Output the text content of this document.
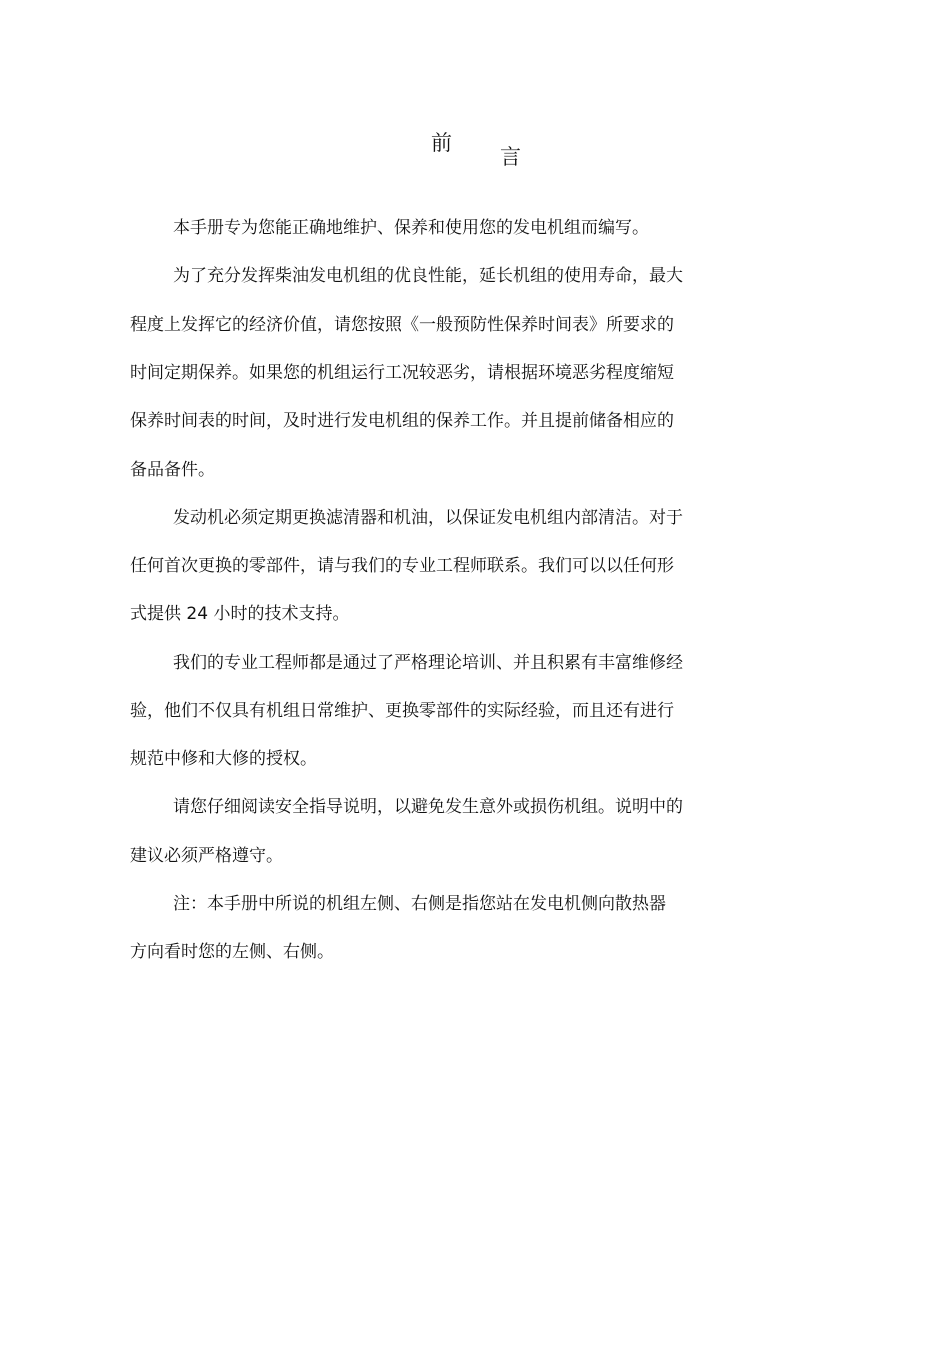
前
言
本手册专为您能正确地维护、保养和使用您的发电机组而编写。
为了充分发挥柴油发电机组的优良性能，延长机组的使用寿命，最大
程度上发挥它的经济价值，请您按照《一般预防性保养时间表》所要求的
时间定期保养。如果您的机组运行工况较恶劣，请根据环境恶劣程度缩短
保养时间表的时间，及时进行发电机组的保养工作。并且提前储备相应的
备品备件。
发动机必须定期更换滤清器和机油，以保证发电机组内部清洁。对于
任何首次更换的零部件，请与我们的专业工程师联系。我们可以以任何形
式提供 24 小时的技术支持。
我们的专业工程师都是通过了严格理论培训、并且积累有丰富维修经
验，他们不仅具有机组日常维护、更换零部件的实际经验，而且还有进行
规范中修和大修的授权。
请您仔细阅读安全指导说明，以避免发生意外或损伤机组。说明中的
建议必须严格遵守。
注：本手册中所说的机组左侧、右侧是指您站在发电机侧向散热器
方向看时您的左侧、右侧。
